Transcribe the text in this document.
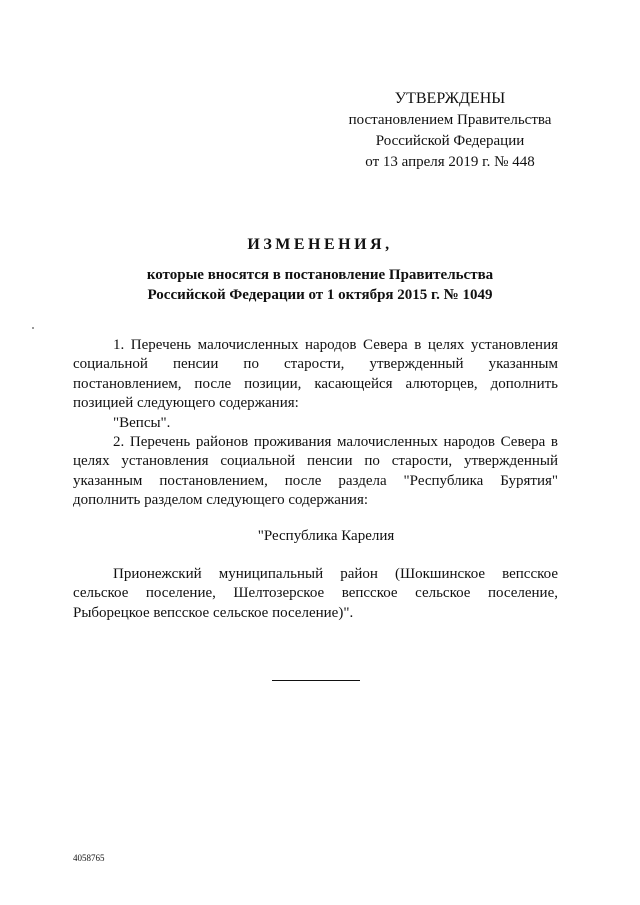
УТВЕРЖДЕНЫ
постановлением Правительства
Российской Федерации
от 13 апреля 2019 г. № 448
ИЗМЕНЕНИЯ,
которые вносятся в постановление Правительства
Российской Федерации от 1 октября 2015 г. № 1049
1. Перечень малочисленных народов Севера в целях установления
социальной пенсии по старости, утвержденный указанным
постановлением, после позиции, касающейся алюторцев, дополнить
позицией следующего содержания:
"Вепсы".
2. Перечень районов проживания малочисленных народов Севера в
целях установления социальной пенсии по старости, утвержденный
указанным постановлением, после раздела "Республика Бурятия"
дополнить разделом следующего содержания:
"Республика Карелия
Прионежский муниципальный район (Шокшинское вепсское
сельское поселение, Шелтозерское вепсское сельское поселение,
Рыборецкое вепсское сельское поселение)".
4058765
